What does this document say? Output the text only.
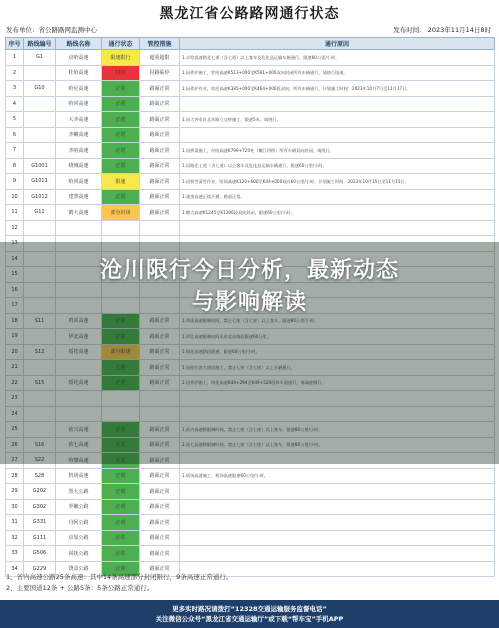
黑龙江省公路路网通行状态
发布单位：省公路路网监测中心	发布时间： 2023年11月14日8时
序号	路线编号	路线名称	通行状态	管控措施	通行原因
1	G1	京哈高速	限速限行	超重超限	1.京哈高速路北七道（含七道）以上客车及危化品运输车辆通行，限速60公里/小时。
2		牡哈高速	封闭	封路临停	1.因养护施工，牡哈高速K513+000至K561+000双向封闭所有车辆通行，请绕行国道。
3	G10	哈尼高速	正常	路面正常	1.因养护作业，哈尼高速K385+000至K464+000段双向，所有车辆通行，计划施工时间：2023年10月7日至11月17日。
4		哈同高速	正常	路面正常	
5		大齐高速	正常	路面正常	1.因大齐市区北环路立交桥施工，限速5米，请绕行。
6		齐嫩高速	正常	路面正常	
7		齐哈高速	正常	路面正常	1.因桥梁施工，经哈高速K799+720处（嫩江四桥）所有车辆双向封闭，请绕行。
8	G1001	绕城高速	正常	路面正常	1.因路北七道（含七道）以上客车及危化品运输车辆通行，限速60公里/小时。
9	G1011	哈同高速	限速	路面正常	1.因积雪清雪作业，哈同高速K120+600至K44+000双向60公里/小时。计划施工时间：2023年10月15日至11月15日。
10	G1012	建黑高速	正常	路面正常	1.建黑高速正线开通，路面正常。
11	G11	鹤大高速	部分封闭	路面正常	1.鹤大高速K1245至K1306段双向封闭，限速60公里/小时。
12					
13					
14					
15					
16					
17					
18	S11	鸡虎高速	正常	路面正常	1.鸡虎高速限制时间，禁止七座（含七座）以上客车，限速80公里/小时。
19		伊北高速	正常	路面正常	1.伊北高速限制时间出站北站路段限速60公里。
20	S12	绥化高速	部分限速	路面正常	1.绥化高速路段限速，限速60公里/小时。
21			正常	路面正常	1.因哈尔滨大道段施工，禁止七座（含七座）以上车辆通行。
22	S15	绥化高速	正常	路面正常	1.因养护施工，绥化高速K49+294至K49+520段单车道通行，请减速慢行。
23					
24					
25		依兴高速	正常	路面正常	1.依兴高速路限制时间，禁止七座（含七座）以上客车，限速80公里/小时。
26	S16	依七高速	正常	路面正常	1.依七高速路限制时间，禁止七座（含七座）以上客车，限速80公里/小时。
27	S22	哈肇高速	正常	路面正常	
28	S28	机场高速	正常	路面正常	1.机场高速施工，机场高速限速60公里/小时。
29	G202	黑大公路	正常	路面正常	
30	G302	罗嫩公路	正常	路面正常	
31	G331	丹阿公路	正常	路面正常	
32	G111	京加公路	正常	路面正常	
33	G506	同抚公路	正常	路面正常	
34	G229	饶盖公路	正常	路面正常	
沧川限行今日分析，最新动态
与影响解读
1、省内高速公路25条高速：其中14条高速部分封闭限行，9条高速正常通行。
2、主要国道12条 + 公路5条：5条公路正常通行。
更多实时路况请拨打“12328交通运输服务监督电话”
关注微信公众号“黑龙江省交通运输厅”或下载“帮车宝”手机APP
